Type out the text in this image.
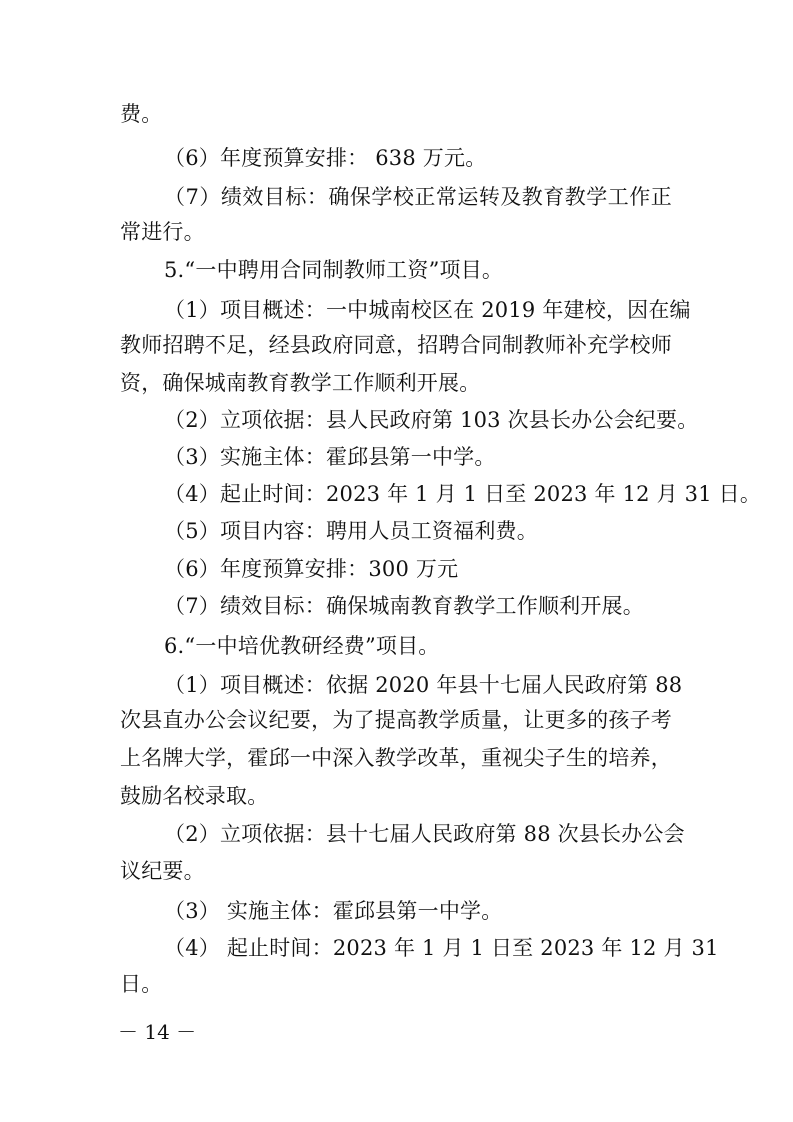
费。
（6）年度预算安排： 638 万元。
（7）绩效目标：确保学校正常运转及教育教学工作正
常进行。
5.“一中聘用合同制教师工资”项目。
（1）项目概述：一中城南校区在 2019 年建校，因在编
教师招聘不足，经县政府同意，招聘合同制教师补充学校师
资，确保城南教育教学工作顺利开展。
（2）立项依据：县人民政府第 103 次县长办公会纪要。
（3）实施主体：霍邱县第一中学。
（4）起止时间：2023 年 1 月 1 日至 2023 年 12 月 31 日。
（5）项目内容：聘用人员工资福利费。
（6）年度预算安排：300 万元
（7）绩效目标：确保城南教育教学工作顺利开展。
6.“一中培优教研经费”项目。
（1）项目概述：依据 2020 年县十七届人民政府第 88
次县直办公会议纪要，为了提高教学质量，让更多的孩子考
上名牌大学，霍邱一中深入教学改革，重视尖子生的培养，
鼓励名校录取。
（2）立项依据：县十七届人民政府第 88 次县长办公会
议纪要。
（3） 实施主体：霍邱县第一中学。
（4） 起止时间：2023 年 1 月 1 日至 2023 年 12 月 31
日。
－ 14 －
